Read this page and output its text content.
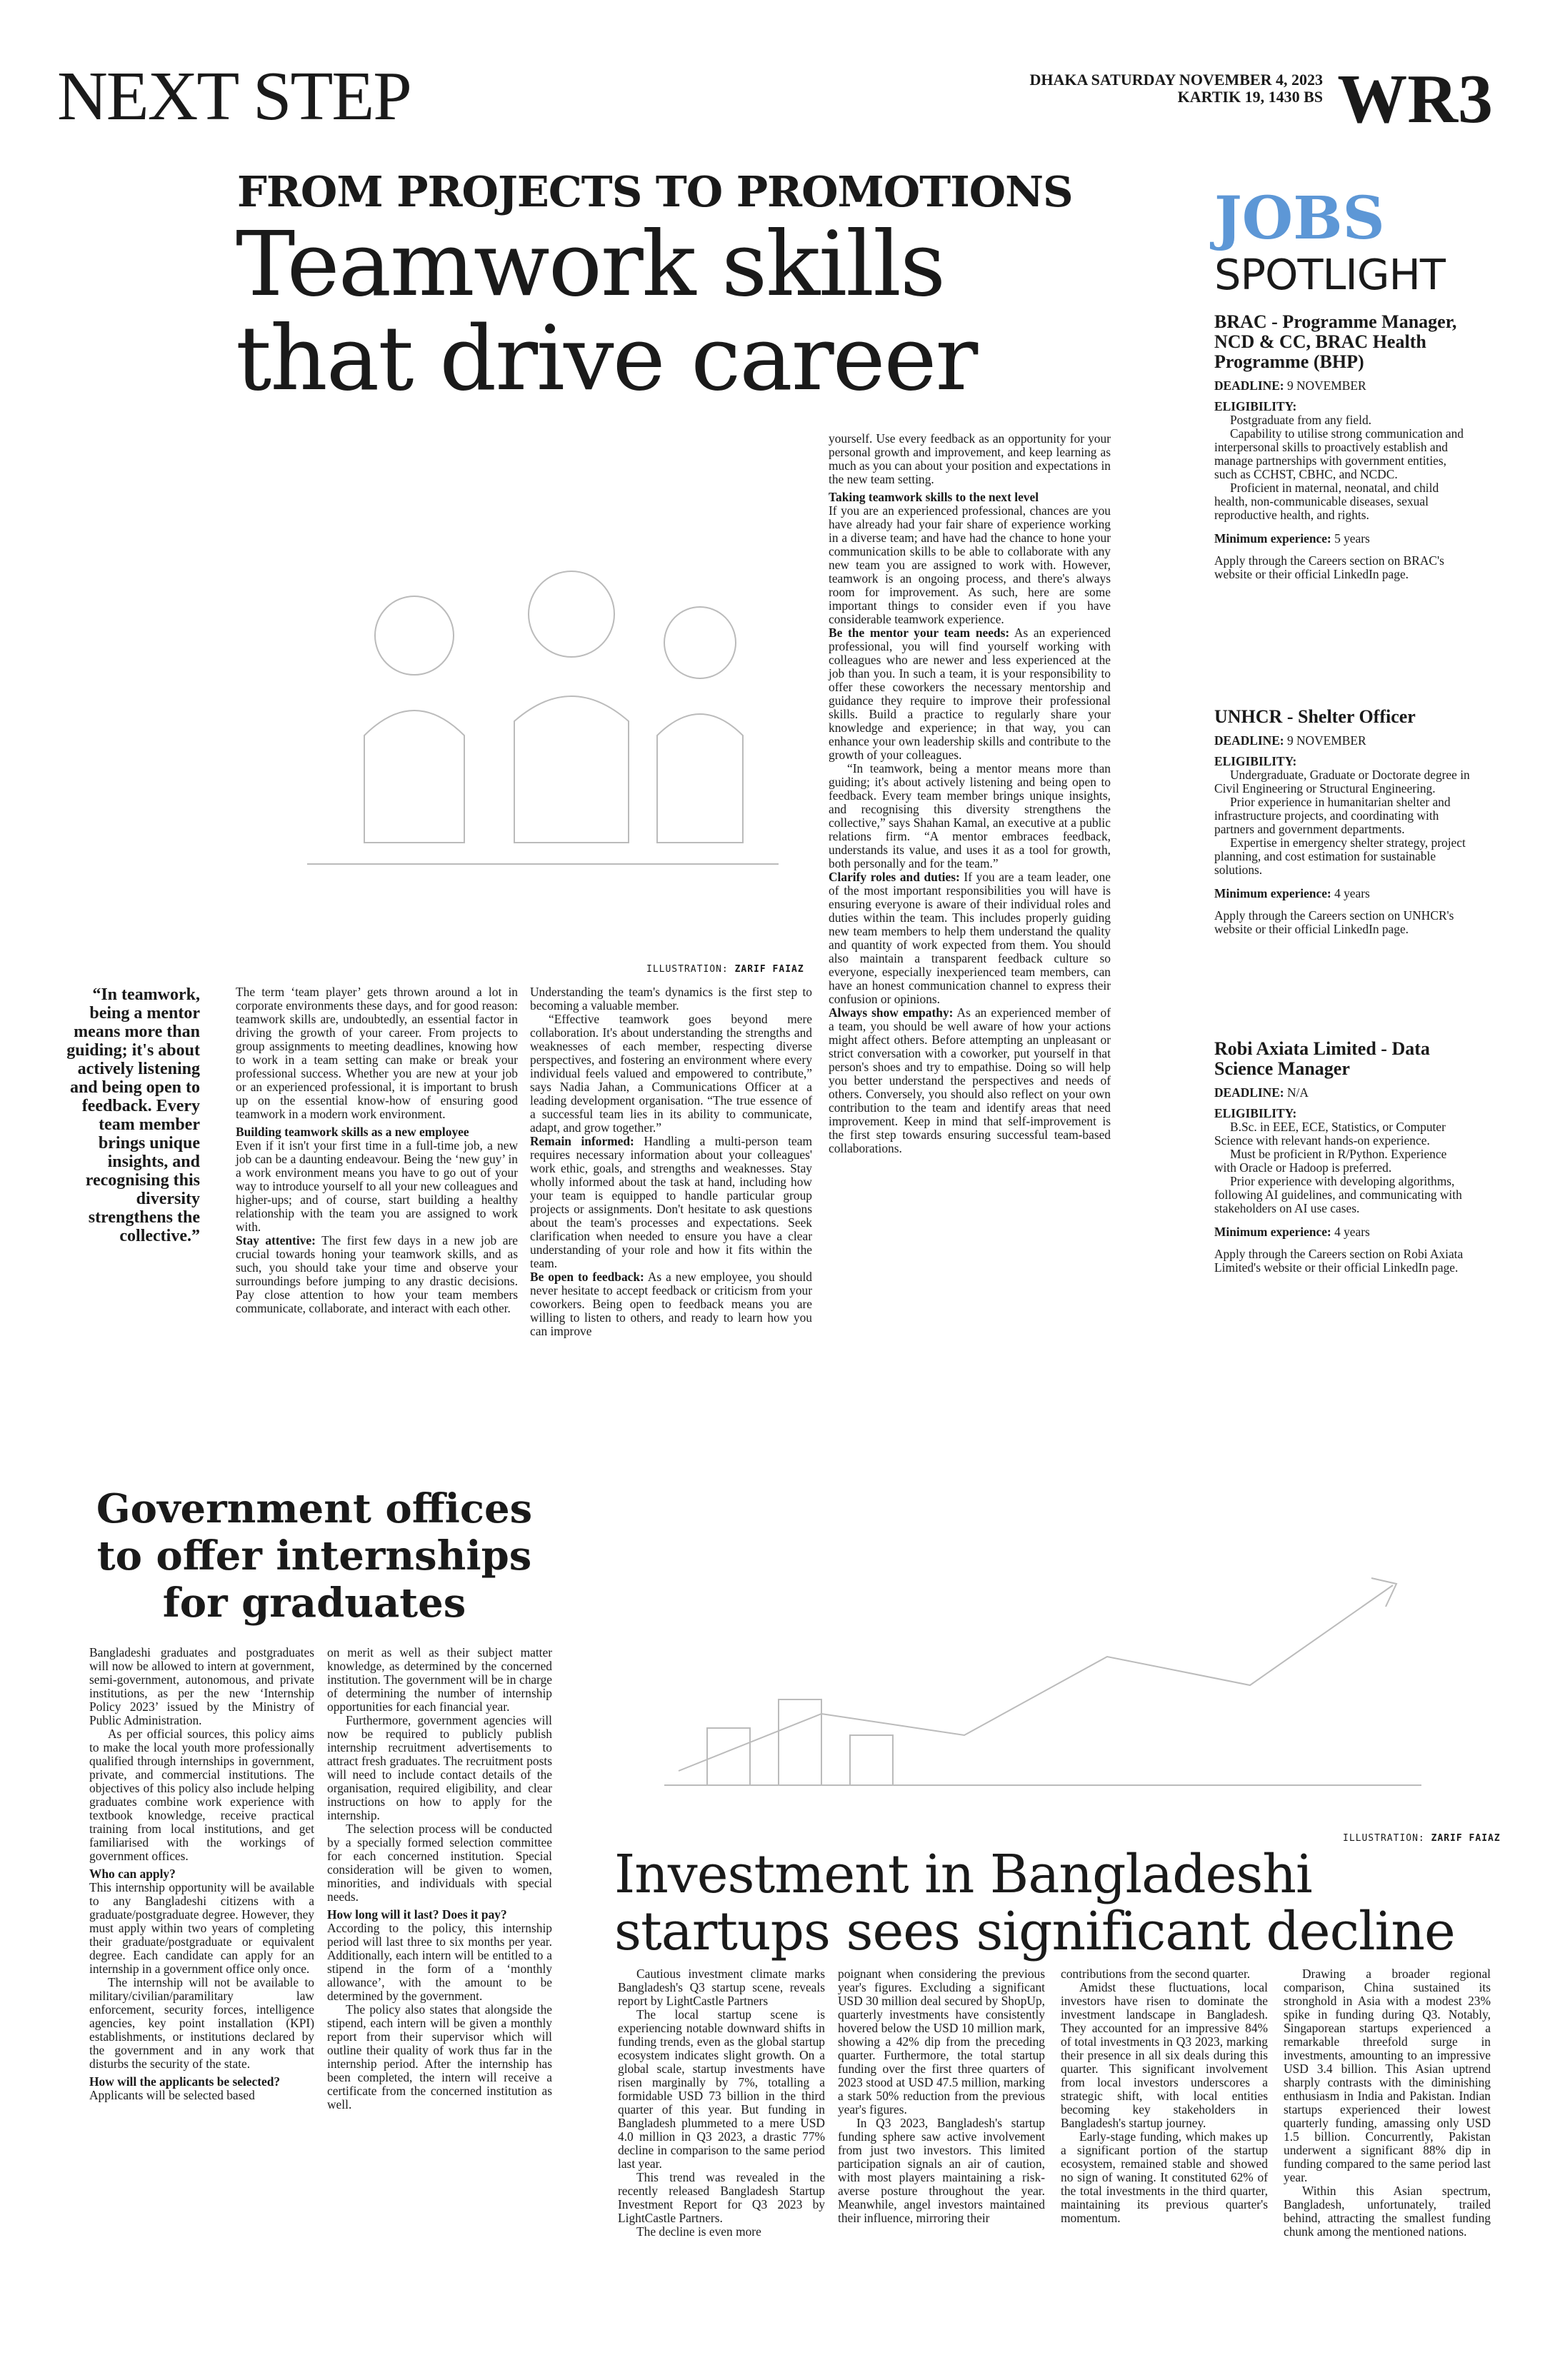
NEXT STEP	DHAKA SATURDAY NOVEMBER 4, 2023
KARTIK 19, 1430 BS WR3
FROM PROJECTS TO PROMOTIONS
Teamwork skills that drive career growth
ILLUSTRATION: ZARIF FAIAZ
“In teamwork, being a mentor means more than guiding; it's about actively listening and being open to feedback. Every team member brings unique insights, and recognising this diversity strengthens the collective.”

The term ‘team player’ gets thrown around a lot in corporate environments these days, and for good reason: teamwork skills are, undoubtedly, an essential factor in driving the growth of your career. From projects to group assignments to meeting deadlines, knowing how to work in a team setting can make or break your professional success. Whether you are new at your job or an experienced professional, it is important to brush up on the essential know-how of ensuring good teamwork in a modern work environment.

Building teamwork skills as a new employee

Even if it isn't your first time in a full-time job, a new job can be a daunting endeavour. Being the ‘new guy’ in a work environment means you have to go out of your way to introduce yourself to all your new colleagues and higher-ups; and of course, start building a healthy relationship with the team you are assigned to work with.

Stay attentive: The first few days in a new job are crucial towards honing your teamwork skills, and as such, you should take your time and observe your surroundings before jumping to any drastic decisions. Pay close attention to how your team members communicate, collaborate, and interact with each other.

Understanding the team's dynamics is the first step to becoming a valuable member.

“Effective teamwork goes beyond mere collaboration. It's about understanding the strengths and weaknesses of each member, respecting diverse perspectives, and fostering an environment where every individual feels valued and empowered to contribute,” says Nadia Jahan, a Communications Officer at a leading development organisation. “The true essence of a successful team lies in its ability to communicate, adapt, and grow together.”

Remain informed: Handling a multi-person team requires necessary information about your colleagues' work ethic, goals, and strengths and weaknesses. Stay wholly informed about the task at hand, including how your team is equipped to handle particular group projects or assignments. Don't hesitate to ask questions about the team's processes and expectations. Seek clarification when needed to ensure you have a clear understanding of your role and how it fits within the team.

Be open to feedback: As a new employee, you should never hesitate to accept feedback or criticism from your coworkers. Being open to feedback means you are willing to listen to others, and ready to learn how you can improve

yourself. Use every feedback as an opportunity for your personal growth and improvement, and keep learning as much as you can about your position and expectations in the new team setting.

Taking teamwork skills to the next level

If you are an experienced professional, chances are you have already had your fair share of experience working in a diverse team; and have had the chance to hone your communication skills to be able to collaborate with any new team you are assigned to work with. However, teamwork is an ongoing process, and there's always room for improvement. As such, here are some important things to consider even if you have considerable teamwork experience.

Be the mentor your team needs: As an experienced professional, you will find yourself working with colleagues who are newer and less experienced at the job than you. In such a team, it is your responsibility to offer these coworkers the necessary mentorship and guidance they require to improve their professional skills. Build a practice to regularly share your knowledge and experience; in that way, you can enhance your own leadership skills and contribute to the growth of your colleagues.

“In teamwork, being a mentor means more than guiding; it's about actively listening and being open to feedback. Every team member brings unique insights, and recognising this diversity strengthens the collective,” says Shahan Kamal, an executive at a public relations firm. “A mentor embraces feedback, understands its value, and uses it as a tool for growth, both personally and for the team.”

Clarify roles and duties: If you are a team leader, one of the most important responsibilities you will have is ensuring everyone is aware of their individual roles and duties within the team. This includes properly guiding new team members to help them understand the quality and quantity of work expected from them. You should also maintain a transparent feedback culture so everyone, especially inexperienced team members, can have an honest communication channel to express their confusion or opinions.

Always show empathy: As an experienced member of a team, you should be well aware of how your actions might affect others. Before attempting an unpleasant or strict conversation with a coworker, put yourself in that person's shoes and try to empathise. Doing so will help you better understand the perspectives and needs of others. Conversely, you should also reflect on your own contribution to the team and identify areas that need improvement. Keep in mind that self-improvement is the first step towards ensuring successful team-based collaborations.

JOBS
SPOTLIGHT

BRAC - Programme Manager, NCD & CC, BRAC Health Programme (BHP)

DEADLINE: 9 NOVEMBER

ELIGIBILITY:

Postgraduate from any field.

Capability to utilise strong communication and interpersonal skills to proactively establish and manage partnerships with government entities, such as CCHST, CBHC, and NCDC.

Proficient in maternal, neonatal, and child health, non-communicable diseases, sexual reproductive health, and rights.

Minimum experience: 5 years

Apply through the Careers section on BRAC's website or their official LinkedIn page.

UNHCR - Shelter Officer

DEADLINE: 9 NOVEMBER

ELIGIBILITY:

Undergraduate, Graduate or Doctorate degree in Civil Engineering or Structural Engineering.

Prior experience in humanitarian shelter and infrastructure projects, and coordinating with partners and government departments.

Expertise in emergency shelter strategy, project planning, and cost estimation for sustainable solutions.

Minimum experience: 4 years

Apply through the Careers section on UNHCR's website or their official LinkedIn page.

Robi Axiata Limited - Data Science Manager

DEADLINE: N/A

ELIGIBILITY:

B.Sc. in EEE, ECE, Statistics, or Computer Science with relevant hands-on experience.

Must be proficient in R/Python. Experience with Oracle or Hadoop is preferred.

Prior experience with developing algorithms, following AI guidelines, and communicating with stakeholders on AI use cases.

Minimum experience: 4 years

Apply through the Careers section on Robi Axiata Limited's website or their official LinkedIn page.

Government offices to offer internships for graduates

Bangladeshi graduates and postgraduates will now be allowed to intern at government, semi-government, autonomous, and private institutions, as per the new ‘Internship Policy 2023’ issued by the Ministry of Public Administration.

As per official sources, this policy aims to make the local youth more professionally qualified through internships in government, private, and commercial institutions. The objectives of this policy also include helping graduates combine work experience with textbook knowledge, receive practical training from local institutions, and get familiarised with the workings of government offices.

Who can apply?

This internship opportunity will be available to any Bangladeshi citizens with a graduate/postgraduate degree. However, they must apply within two years of completing their graduate/postgraduate or equivalent degree. Each candidate can apply for an internship in a government office only once.

The internship will not be available to military/civilian/paramilitary law enforcement, security forces, intelligence agencies, key point installation (KPI) establishments, or institutions declared by the government and in any work that disturbs the security of the state.

How will the applicants be selected?

Applicants will be selected based

on merit as well as their subject matter knowledge, as determined by the concerned institution. The government will be in charge of determining the number of internship opportunities for each financial year.

Furthermore, government agencies will now be required to publicly publish internship recruitment advertisements to attract fresh graduates. The recruitment posts will need to include contact details of the organisation, required eligibility, and clear instructions on how to apply for the internship.

The selection process will be conducted by a specially formed selection committee for each concerned institution. Special consideration will be given to women, minorities, and individuals with special needs.

How long will it last? Does it pay?

According to the policy, this internship period will last three to six months per year. Additionally, each intern will be entitled to a stipend in the form of a ‘monthly allowance’, with the amount to be determined by the government.

The policy also states that alongside the stipend, each intern will be given a monthly report from their supervisor which will outline their quality of work thus far in the internship period. After the internship has been completed, the intern will receive a certificate from the concerned institution as well.

ILLUSTRATION: ZARIF FAIAZ
Investment in Bangladeshi startups sees significant decline

Cautious investment climate marks Bangladesh's Q3 startup scene, reveals report by LightCastle Partners

The local startup scene is experiencing notable downward shifts in funding trends, even as the global startup ecosystem indicates slight growth. On a global scale, startup investments have risen marginally by 7%, totalling a formidable USD 73 billion in the third quarter of this year. But funding in Bangladesh plummeted to a mere USD 4.0 million in Q3 2023, a drastic 77% decline in comparison to the same period last year.

This trend was revealed in the recently released Bangladesh Startup Investment Report for Q3 2023 by LightCastle Partners.

The decline is even more

poignant when considering the previous year's figures. Excluding a significant USD 30 million deal secured by ShopUp, quarterly investments have consistently hovered below the USD 10 million mark, showing a 42% dip from the preceding quarter. Furthermore, the total startup funding over the first three quarters of 2023 stood at USD 47.5 million, marking a stark 50% reduction from the previous year's figures.

In Q3 2023, Bangladesh's startup funding sphere saw active involvement from just two investors. This limited participation signals an air of caution, with most players maintaining a risk-averse posture throughout the year. Meanwhile, angel investors maintained their influence, mirroring their

contributions from the second quarter.

Amidst these fluctuations, local investors have risen to dominate the investment landscape in Bangladesh. They accounted for an impressive 84% of total investments in Q3 2023, marking their presence in all six deals during this quarter. This significant involvement from local investors underscores a strategic shift, with local entities becoming key stakeholders in Bangladesh's startup journey.

Early-stage funding, which makes up a significant portion of the startup ecosystem, remained stable and showed no sign of waning. It constituted 62% of the total investments in the third quarter, maintaining its previous quarter's momentum.

Drawing a broader regional comparison, China sustained its stronghold in Asia with a modest 23% spike in funding during Q3. Notably, Singaporean startups experienced a remarkable threefold surge in investments, amounting to an impressive USD 3.4 billion. This Asian uptrend sharply contrasts with the diminishing enthusiasm in India and Pakistan. Indian startups experienced their lowest quarterly funding, amassing only USD 1.5 billion. Concurrently, Pakistan underwent a significant 88% dip in funding compared to the same period last year.

Within this Asian spectrum, Bangladesh, unfortunately, trailed behind, attracting the smallest funding chunk among the mentioned nations.
